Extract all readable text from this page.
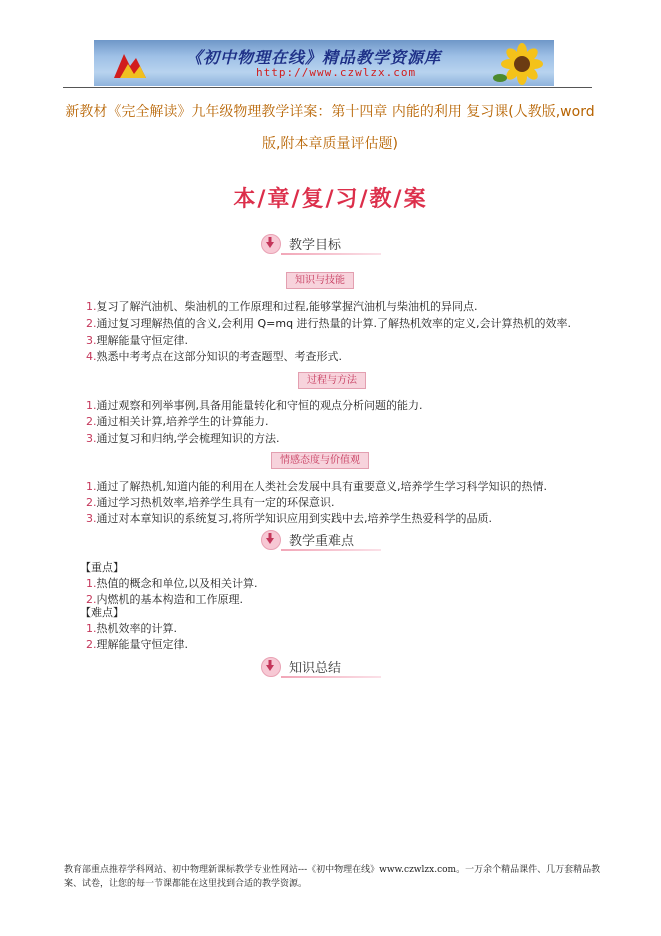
《初中物理在线》精品教学资源库
http://www.czwlzx.com
新教材《完全解读》九年级物理教学详案：第十四章 内能的利用 复习课(人教版,word版,附本章质量评估题)
本/章/复/习/教/案
教学目标
知识与技能
1.复习了解汽油机、柴油机的工作原理和过程,能够掌握汽油机与柴油机的异同点.
2.通过复习理解热值的含义,会利用 Q=mq 进行热量的计算.了解热机效率的定义,会计算热机的效率.
3.理解能量守恒定律.
4.熟悉中考考点在这部分知识的考查题型、考查形式.
过程与方法
1.通过观察和列举事例,具备用能量转化和守恒的观点分析问题的能力.
2.通过相关计算,培养学生的计算能力.
3.通过复习和归纳,学会梳理知识的方法.
情感态度与价值观
1.通过了解热机,知道内能的利用在人类社会发展中具有重要意义,培养学生学习科学知识的热情.
2.通过学习热机效率,培养学生具有一定的环保意识.
3.通过对本章知识的系统复习,将所学知识应用到实践中去,培养学生热爱科学的品质.
教学重难点
【重点】
1.热值的概念和单位,以及相关计算.
2.内燃机的基本构造和工作原理.
【难点】
1.热机效率的计算.
2.理解能量守恒定律.
知识总结
教育部重点推荐学科网站、初中物理新课标教学专业性网站---《初中物理在线》www.czwlzx.com。一万余个精品课件、几万套精品教案、试卷，让您的每一节课都能在这里找到合适的教学资源。
